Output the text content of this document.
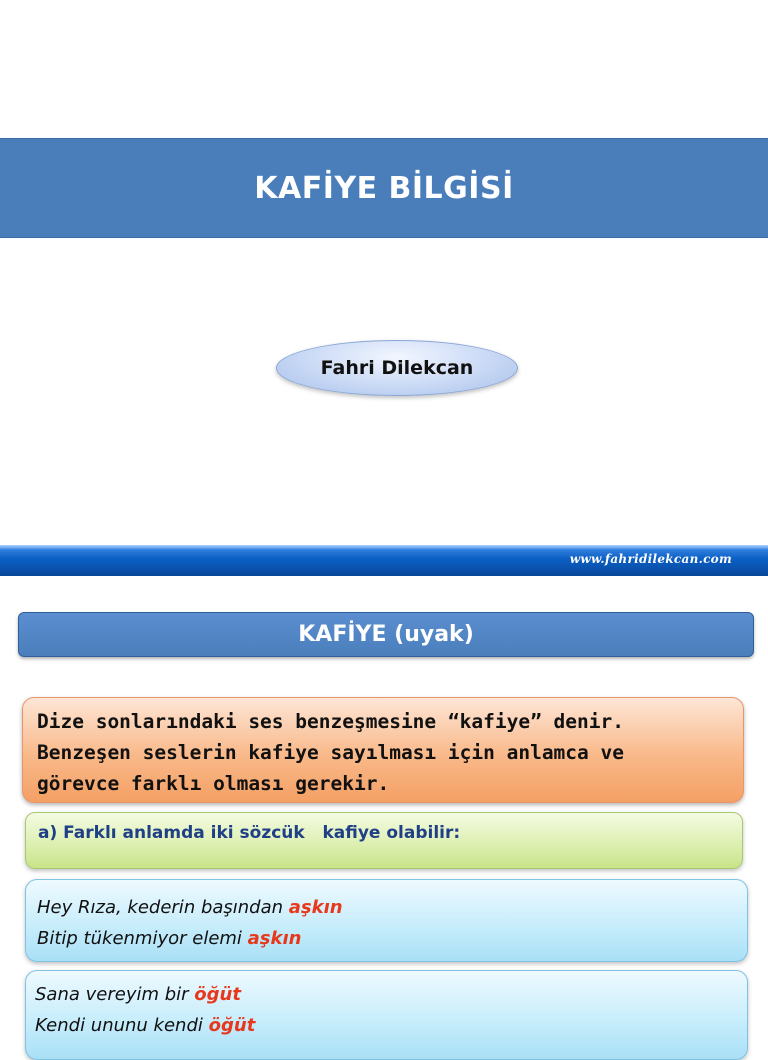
KAFİYE BİLGİSİ
Fahri Dilekcan
www.fahridilekcan.com
KAFİYE (uyak)
Dize sonlarındaki ses benzeşmesine “kafiye” denir.
Benzeşen seslerin kafiye sayılması için anlamca ve
görevce farklı olması gerekir.
a) Farklı anlamda iki sözcük   kafiye olabilir:
Hey Rıza, kederin başından aşkın
Bitip tükenmiyor elemi aşkın
Sana vereyim bir öğüt
Kendi ununu kendi öğüt
